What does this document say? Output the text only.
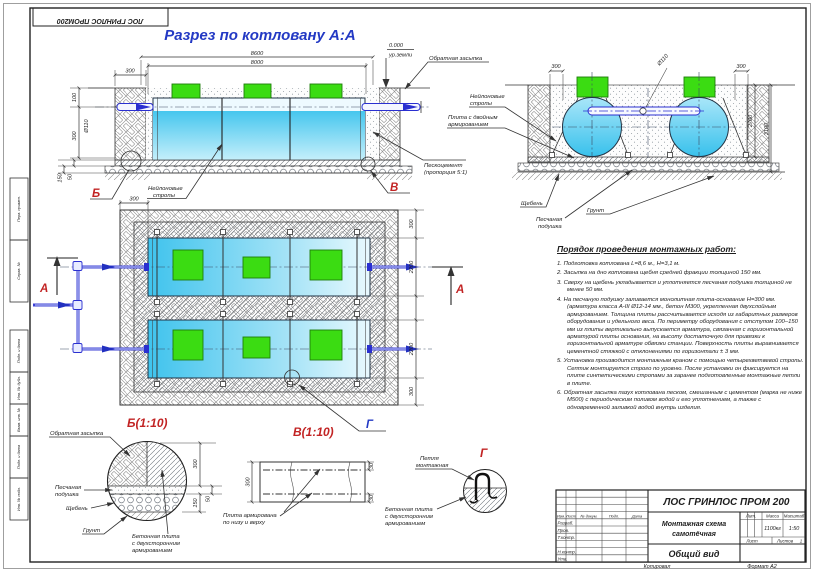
ЛОС ГРИНЛОС ПРОМ200
Перв. примен.
Справ. №
Подп. и дата
Инв. № дубл.
Взам. инв. №
Подп. и дата
Инв. № подл.
Разрез по котловану А:А
8600
8000
300
100
Ø110
300
150 50
0.000
ур.земли
Обратная засыпка
Пескоцемент
(пропорция 5:1)
Нейлоновые
стропы
Б	В
300	300
2700
3100
Ø110
Нейлоновые
стропы
Плита с двойным
армированием
Щебень
Песчаная
подушка
Грунт
А	А
Г
300
300
2200
2200
300
Б(1:10)
В(1:10)
300
150 50
Обратная засыпка
Песчаная
подушка
Щебень
Грунт
Бетонная плита
с двухсторонним
армированием
300
30
30
Плита армирована
по низу и верху
Г
Петля
монтажная
Бетонная плита
с двухсторонним
армированием
ЛОС ГРИНЛОС ПРОМ 200
Монтажная схема
самотёчная
Общий вид
Лит. Масса Масштаб
1100кг 1:50
Лист	Листов 1
Изм. Лист № докум.	Подп.	Дата
Разраб.
Пров.
Т.контр.
Н.контр.
Утв.
Копировал	Формат А2
Порядок проведения монтажных работ:
Подготовка котлована L=8,6 м., Н=3,1 м.
Засыпка на дно котлована щебня средней фракции толщиной 150 мм.
Сверху на щебень укладывается и уплотняется песчаная подушка толщиной не менее 50 мм.
На песчаную подушку заливается монолитная плита-основание Н=300 мм. (арматура класса А-III Ø12-14 мм., бетон М300, укрепленная двухслойным армированием. Толщина плиты рассчитывается исходя из габаритных размеров оборудования и удельного веса. По периметру оборудования с отступом 100–150 мм из плиты вертикально выпускается арматура, связанная с горизонтальной арматурой плиты основания, на высоту достаточную для привязки к горизонтальной арматуре обвязки станции. Поверхность плиты выравнивается цементной стяжкой с отклонениями по горизонтали ± 3 мм.
Установка производится монтажным краном с помощью четырехветвевой стропы. Септик монтируется строго по уровню. После установки он фиксируется на плите синтетическими стропами за заранее подготовленные монтажные петли в плите.
Обратная засыпка пазух котлована песком, смешанным с цементом (марка не ниже М500) с периодическим поливом водой и его уплотнением, а также с одновременной заливкой водой внутрь изделия.
